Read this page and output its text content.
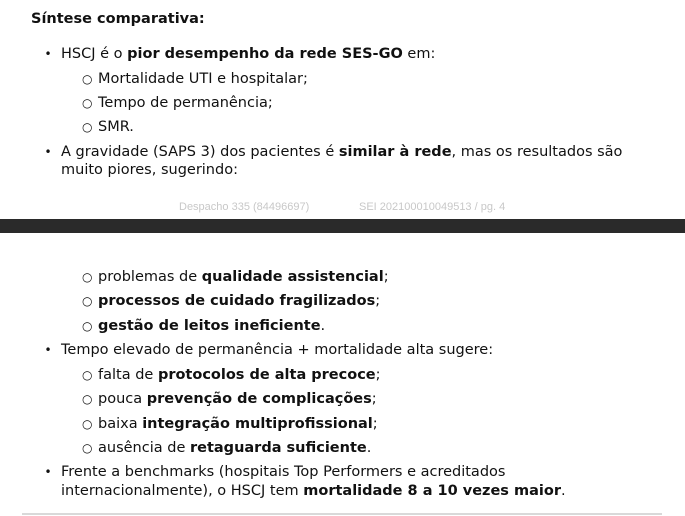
Síntese comparativa:

• HSCJ é o pior desempenho da rede SES-GO em:
○ Mortalidade UTI e hospitalar;
○ Tempo de permanência;
○ SMR.
• A gravidade (SAPS 3) dos pacientes é similar à rede, mas os resultados são
muito piores, sugerindo:
Despacho 335 (84496697)	SEI 202100010049513 / pg. 4
○ problemas de qualidade assistencial;
○ processos de cuidado fragilizados;
○ gestão de leitos ineficiente.
• Tempo elevado de permanência + mortalidade alta sugere:
○ falta de protocolos de alta precoce;
○ pouca prevenção de complicações;
○ baixa integração multiprofissional;
○ ausência de retaguarda suficiente.
• Frente a benchmarks (hospitais Top Performers e acreditados
internacionalmente), o HSCJ tem mortalidade 8 a 10 vezes maior.
